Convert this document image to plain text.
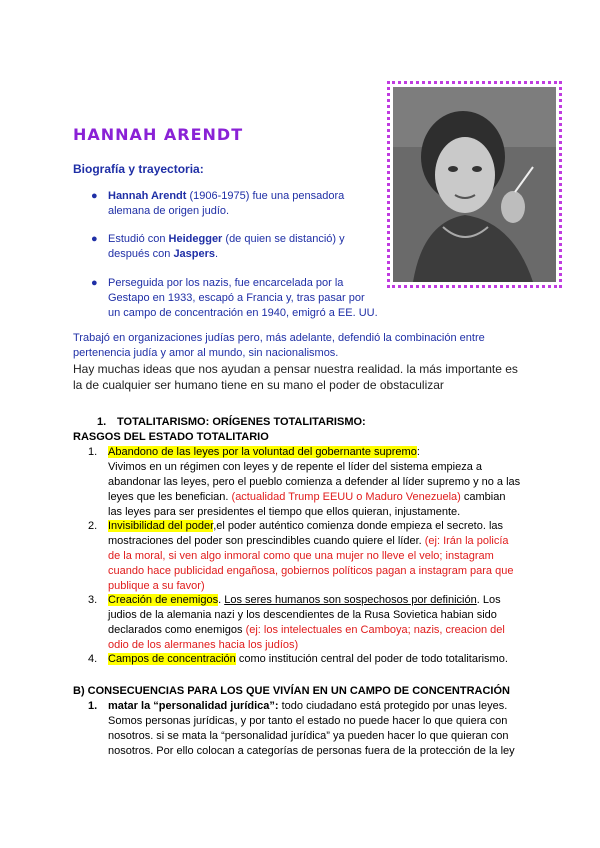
HANNAH ARENDT
Biografía y trayectoria:
● Hannah Arendt (1906-1975) fue una pensadora
alemana de origen judío.
● Estudió con Heidegger (de quien se distanció) y
después con Jaspers.
● Perseguida por los nazis, fue encarcelada por la
Gestapo en 1933, escapó a Francia y, tras pasar por
un campo de concentración en 1940, emigró a EE. UU.
Trabajó en organizaciones judías pero, más adelante, defendió la combinación entre
pertenencia judía y amor al mundo, sin nacionalismos.
Hay muchas ideas que nos ayudan a pensar nuestra realidad. la más importante es
la de cualquier ser humano tiene en su mano el poder de obstaculizar
1. TOTALITARISMO: ORÍGENES TOTALITARISMO:
RASGOS DEL ESTADO TOTALITARIO
1. Abandono de las leyes por la voluntad del gobernante supremo:
Vivimos en un régimen con leyes y de repente el líder del sistema empieza a
abandonar las leyes, pero el pueblo comienza a defender al líder supremo y no a las
leyes que les benefician. (actualidad Trump EEUU o Maduro Venezuela) cambian
las leyes para ser presidentes el tiempo que ellos quieran, injustamente.
2. Invisibilidad del poder,el poder auténtico comienza donde empieza el secreto. las
mostraciones del poder son prescindibles cuando quiere el líder. (ej: Irán la policía
de la moral, si ven algo inmoral como que una mujer no lleve el velo; instagram
cuando hace publicidad engañosa, gobiernos políticos pagan a instagram para que
publique a su favor)
3. Creación de enemigos. Los seres humanos son sospechosos por definición. Los
judios de la alemania nazi y los descendientes de la Rusa Sovietica habian sido
declarados como enemigos (ej: los intelectuales en Camboya; nazis, creacion del
odio de los alermanes hacia los judíos)
4. Campos de concentración como institución central del poder de todo totalitarismo.
B) CONSECUENCIAS PARA LOS QUE VIVÍAN EN UN CAMPO DE CONCENTRACIÓN
1. matar la “personalidad jurídica”: todo ciudadano está protegido por unas leyes.
Somos personas jurídicas, y por tanto el estado no puede hacer lo que quiera con
nosotros. si se mata la “personalidad jurídica” ya pueden hacer lo que quieran con
nosotros. Por ello colocan a categorías de personas fuera de la protección de la ley
